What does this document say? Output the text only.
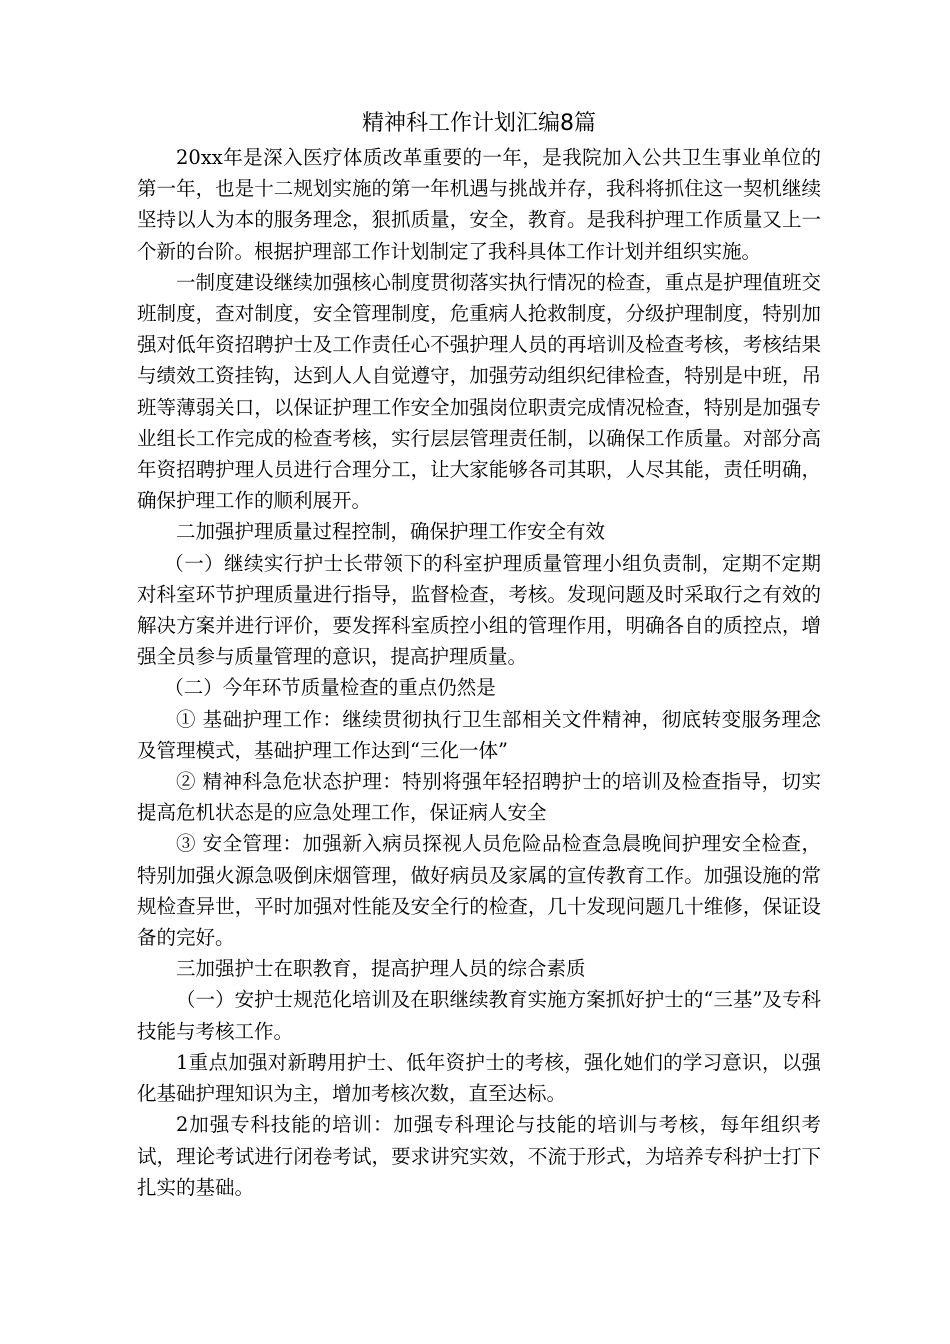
精神科工作计划汇编8篇

20xx年是深入医疗体质改革重要的一年，是我院加入公共卫生事业单位的第一年，也是十二规划实施的第一年机遇与挑战并存，我科将抓住这一契机继续坚持以人为本的服务理念，狠抓质量，安全，教育。是我科护理工作质量又上一个新的台阶。根据护理部工作计划制定了我科具体工作计划并组织实施。

一制度建设继续加强核心制度贯彻落实执行情况的检查，重点是护理值班交班制度，查对制度，安全管理制度，危重病人抢救制度，分级护理制度，特别加强对低年资招聘护士及工作责任心不强护理人员的再培训及检查考核，考核结果与绩效工资挂钩，达到人人自觉遵守，加强劳动组织纪律检查，特别是中班，吊班等薄弱关口，以保证护理工作安全加强岗位职责完成情况检查，特别是加强专业组长工作完成的检查考核，实行层层管理责任制，以确保工作质量。对部分高年资招聘护理人员进行合理分工，让大家能够各司其职，人尽其能，责任明确，确保护理工作的顺利展开。

二加强护理质量过程控制，确保护理工作安全有效

（一）继续实行护士长带领下的科室护理质量管理小组负责制，定期不定期对科室环节护理质量进行指导，监督检查，考核。发现问题及时采取行之有效的解决方案并进行评价，要发挥科室质控小组的管理作用，明确各自的质控点，增强全员参与质量管理的意识，提高护理质量。

（二）今年环节质量检查的重点仍然是

① 基础护理工作：继续贯彻执行卫生部相关文件精神，彻底转变服务理念及管理模式，基础护理工作达到“三化一体”

② 精神科急危状态护理：特别将强年轻招聘护士的培训及检查指导，切实提高危机状态是的应急处理工作，保证病人安全

③ 安全管理：加强新入病员探视人员危险品检查急晨晚间护理安全检查，特别加强火源急吸倒床烟管理，做好病员及家属的宣传教育工作。加强设施的常规检查异世，平时加强对性能及安全行的检查，几十发现问题几十维修，保证设备的完好。

三加强护士在职教育，提高护理人员的综合素质

（一）安护士规范化培训及在职继续教育实施方案抓好护士的“三基”及专科技能与考核工作。

1重点加强对新聘用护士、低年资护士的考核，强化她们的学习意识，以强化基础护理知识为主，增加考核次数，直至达标。

2加强专科技能的培训：加强专科理论与技能的培训与考核，每年组织考试，理论考试进行闭卷考试，要求讲究实效，不流于形式，为培养专科护士打下扎实的基础。
